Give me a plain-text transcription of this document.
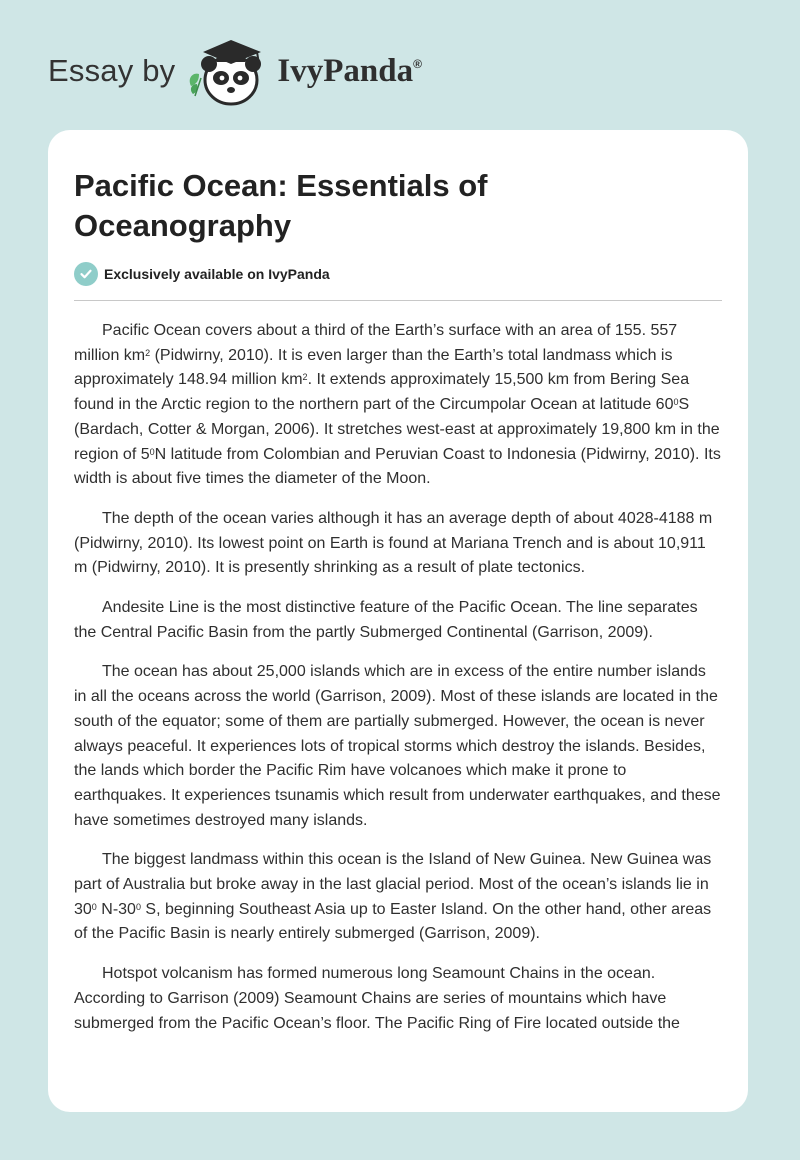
Essay by	IvyPanda®
Pacific Ocean: Essentials of Oceanography
Exclusively available on IvyPanda

Pacific Ocean covers about a third of the Earth’s surface with an area of 155. 557 million $km^2$ (Pidwirny, 2010). It is even larger than the Earth’s total landmass which is approximately 148.94 million $km^2$. It extends approximately 15,500 km from Bering Sea found in the Arctic region to the northern part of the Circumpolar Ocean at latitude $60^0S$ (Bardach, Cotter & Morgan, 2006). It stretches west-east at approximately 19,800 km in the region of $5^0N$ latitude from Colombian and Peruvian Coast to Indonesia (Pidwirny, 2010). Its width is about five times the diameter of the Moon.

The depth of the ocean varies although it has an average depth of about 4028-4188 m (Pidwirny, 2010). Its lowest point on Earth is found at Mariana Trench and is about 10,911 m (Pidwirny, 2010). It is presently shrinking as a result of plate tectonics.

Andesite Line is the most distinctive feature of the Pacific Ocean. The line separates the Central Pacific Basin from the partly Submerged Continental (Garrison, 2009).

The ocean has about 25,000 islands which are in excess of the entire number islands in all the oceans across the world (Garrison, 2009). Most of these islands are located in the south of the equator; some of them are partially submerged. However, the ocean is never always peaceful. It experiences lots of tropical storms which destroy the islands. Besides, the lands which border the Pacific Rim have volcanoes which make it prone to earthquakes. It experiences tsunamis which result from underwater earthquakes, and these have sometimes destroyed many islands.

The biggest landmass within this ocean is the Island of New Guinea. New Guinea was part of Australia but broke away in the last glacial period. Most of the ocean’s islands lie in $30^0$ $N-30^0$ S, beginning Southeast Asia up to Easter Island. On the other hand, other areas of the Pacific Basin is nearly entirely submerged (Garrison, 2009).

Hotspot volcanism has formed numerous long Seamount Chains in the ocean. According to Garrison (2009) Seamount Chains are series of mountains which have submerged from the Pacific Ocean’s floor. The Pacific Ring of Fire located outside the
